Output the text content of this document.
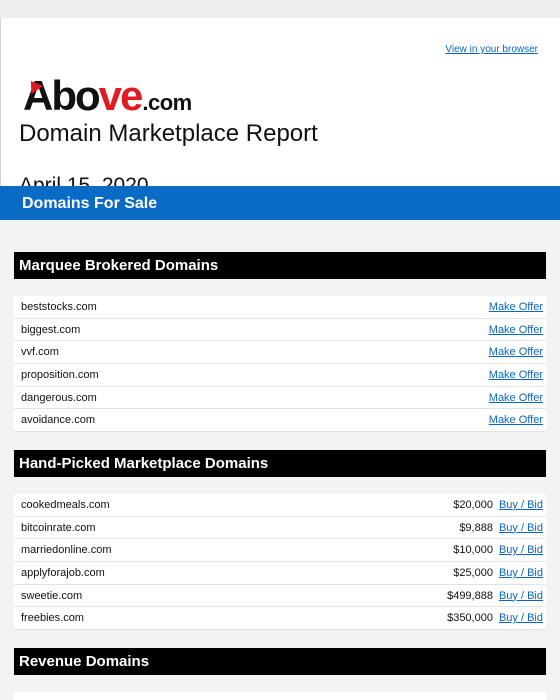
View in your browser
A bo ve .com
Domain Marketplace Report
Domains For Sale
Marquee Brokered Domains
beststocks.com	Make Offer
biggest.com	Make Offer
vvf.com	Make Offer
proposition.com	Make Offer
dangerous.com	Make Offer
avoidance.com	Make Offer
Hand-Picked Marketplace Domains
cookedmeals.com	$20,000 Buy / Bid
bitcoinrate.com	$9,888 Buy / Bid
marriedonline.com	$10,000 Buy / Bid
applyforajob.com	$25,000 Buy / Bid
sweetie.com	$499,888 Buy / Bid
freebies.com	$350,000 Buy / Bid
Revenue Domains
